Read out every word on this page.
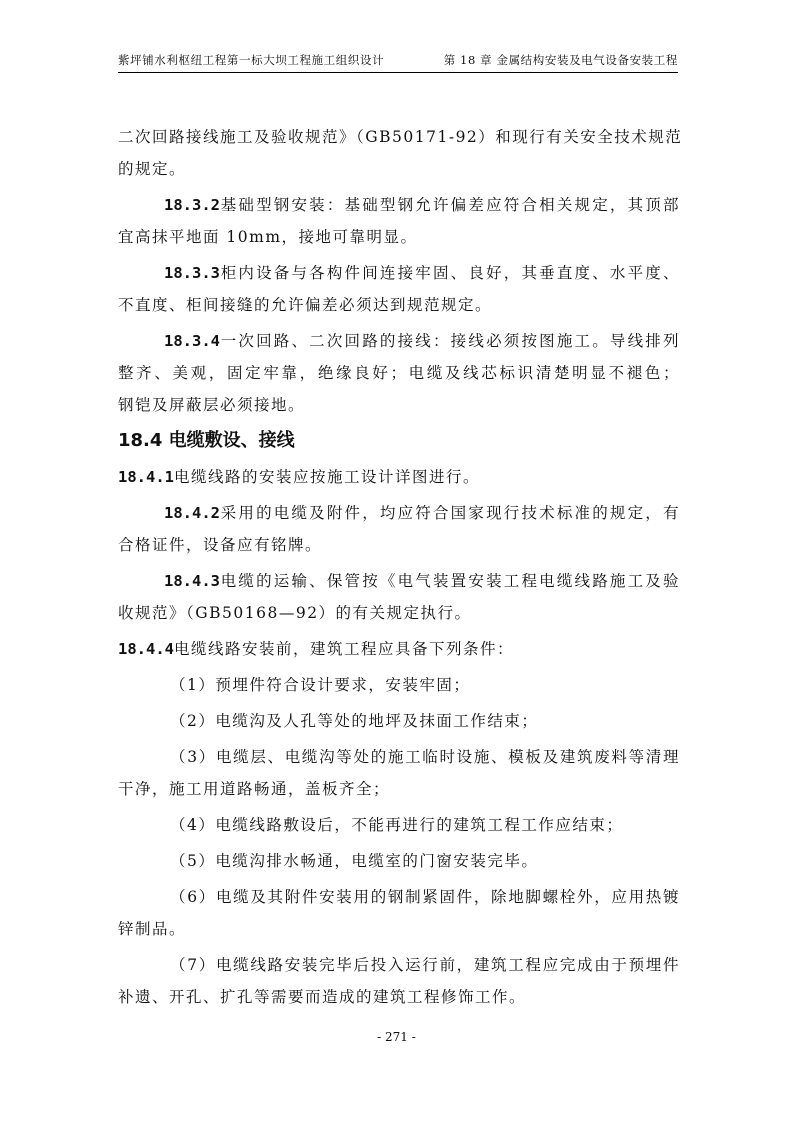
紫坪铺水利枢纽工程第一标大坝工程施工组织设计	第 18 章 金属结构安装及电气设备安装工程
二次回路接线施工及验收规范》（GB50171-92）和现行有关安全技术规范
的规定。
18.3.2基础型钢安装：基础型钢允许偏差应符合相关规定，其顶部
宜高抹平地面 10mm，接地可靠明显。
18.3.3柜内设备与各构件间连接牢固、良好，其垂直度、水平度、
不直度、柜间接缝的允许偏差必须达到规范规定。
18.3.4一次回路、二次回路的接线：接线必须按图施工。导线排列
整齐、美观，固定牢靠，绝缘良好；电缆及线芯标识清楚明显不褪色；
钢铠及屏蔽层必须接地。
18.4 电缆敷设、接线
18.4.1电缆线路的安装应按施工设计详图进行。
18.4.2采用的电缆及附件，均应符合国家现行技术标准的规定，有
合格证件，设备应有铭牌。
18.4.3电缆的运输、保管按《电气装置安装工程电缆线路施工及验
收规范》（GB50168—92）的有关规定执行。
18.4.4电缆线路安装前，建筑工程应具备下列条件：
（1）预埋件符合设计要求，安装牢固；
（2）电缆沟及人孔等处的地坪及抹面工作结束；
（3）电缆层、电缆沟等处的施工临时设施、模板及建筑废料等清理
干净，施工用道路畅通，盖板齐全；
（4）电缆线路敷设后，不能再进行的建筑工程工作应结束；
（5）电缆沟排水畅通，电缆室的门窗安装完毕。
（6）电缆及其附件安装用的钢制紧固件，除地脚螺栓外，应用热镀
锌制品。
（7）电缆线路安装完毕后投入运行前，建筑工程应完成由于预埋件
补遗、开孔、扩孔等需要而造成的建筑工程修饰工作。
- 271 -
